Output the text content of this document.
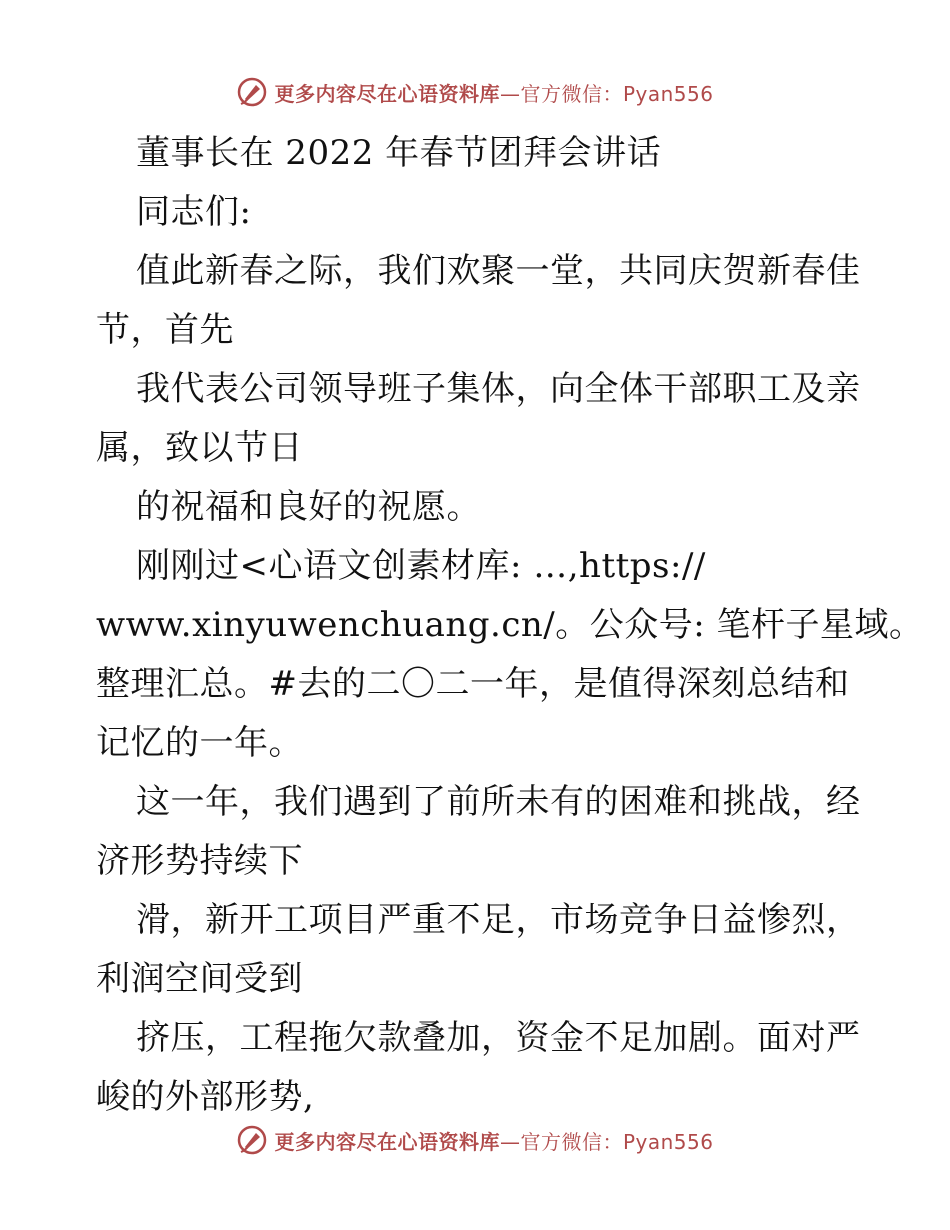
更多内容尽在心语资料库—官方微信：Pyan556
董事长在 2022 年春节团拜会讲话
同志们:
值此新春之际，我们欢聚一堂，共同庆贺新春佳
节，首先
我代表公司领导班子集体，向全体干部职工及亲
属，致以节日
的祝福和良好的祝愿。
刚刚过<心语文创素材库: …,https://
www.xinyuwenchuang.cn/。公众号: 笔杆子星域。
整理汇总。#去的二〇二一年，是值得深刻总结和
记忆的一年。
这一年，我们遇到了前所未有的困难和挑战，经
济形势持续下
滑，新开工项目严重不足，市场竞争日益惨烈，
利润空间受到
挤压，工程拖欠款叠加，资金不足加剧。面对严
峻的外部形势,
更多内容尽在心语资料库—官方微信：Pyan556
